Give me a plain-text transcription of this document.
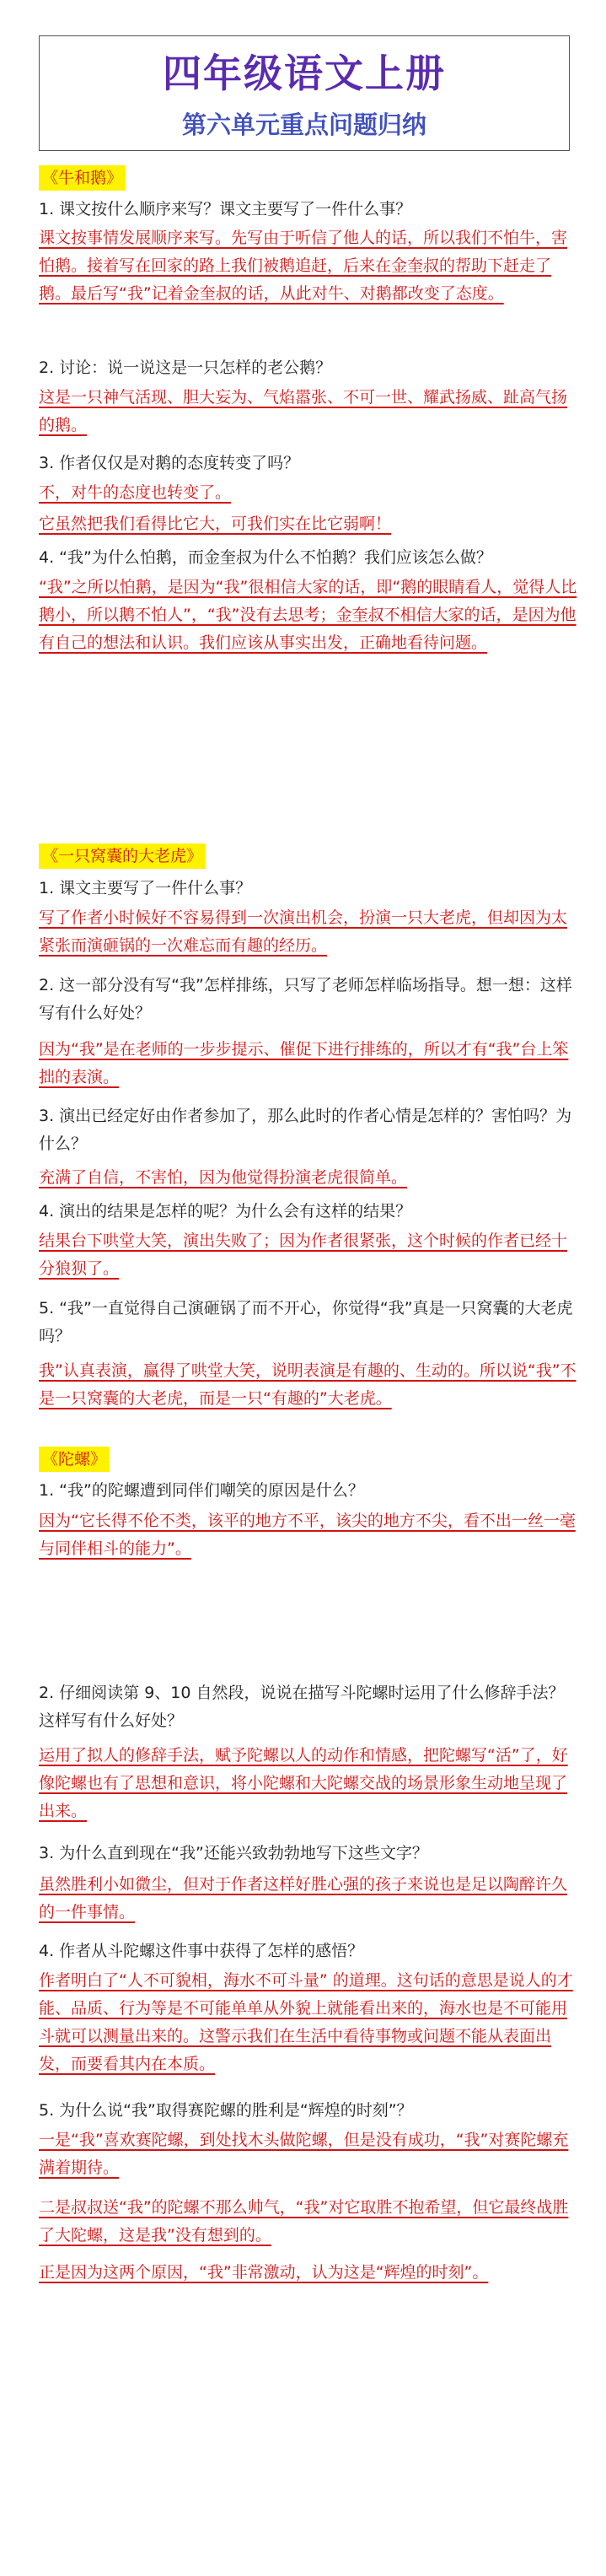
四年级语文上册
第六单元重点问题归纳
《牛和鹅》

1. 课文按什么顺序来写？课文主要写了一件什么事？

课文按事情发展顺序来写。先写由于听信了他人的话，所以我们不怕牛，害怕鹅。接着写在回家的路上我们被鹅追赶，后来在金奎叔的帮助下赶走了鹅。最后写“我”记着金奎叔的话，从此对牛、对鹅都改变了态度。

2. 讨论：说一说这是一只怎样的老公鹅？

这是一只神气活现、胆大妄为、气焰嚣张、不可一世、耀武扬威、趾高气扬的鹅。

3. 作者仅仅是对鹅的态度转变了吗？

不，对牛的态度也转变了。

它虽然把我们看得比它大，可我们实在比它弱啊！

4. “我”为什么怕鹅，而金奎叔为什么不怕鹅？我们应该怎么做？

“我”之所以怕鹅，是因为“我”很相信大家的话，即“鹅的眼睛看人，觉得人比鹅小，所以鹅不怕人”，“我”没有去思考；金奎叔不相信大家的话，是因为他有自己的想法和认识。我们应该从事实出发，正确地看待问题。

《一只窝囊的大老虎》

1. 课文主要写了一件什么事？

写了作者小时候好不容易得到一次演出机会，扮演一只大老虎，但却因为太紧张而演砸锅的一次难忘而有趣的经历。

2. 这一部分没有写“我”怎样排练，只写了老师怎样临场指导。想一想：这样写有什么好处？

因为“我”是在老师的一步步提示、催促下进行排练的，所以才有“我”台上笨拙的表演。

3. 演出已经定好由作者参加了，那么此时的作者心情是怎样的？害怕吗？为什么？

充满了自信，不害怕，因为他觉得扮演老虎很简单。

4. 演出的结果是怎样的呢？为什么会有这样的结果？

结果台下哄堂大笑，演出失败了；因为作者很紧张，这个时候的作者已经十分狼狈了。

5. “我”一直觉得自己演砸锅了而不开心，你觉得“我”真是一只窝囊的大老虎吗？

我”认真表演，赢得了哄堂大笑，说明表演是有趣的、生动的。所以说“我”不是一只窝囊的大老虎，而是一只“有趣的”大老虎。

《陀螺》

1. “我”的陀螺遭到同伴们嘲笑的原因是什么？

因为“它长得不伦不类，该平的地方不平，该尖的地方不尖，看不出一丝一毫与同伴相斗的能力”。

2. 仔细阅读第 9、10 自然段，说说在描写斗陀螺时运用了什么修辞手法？这样写有什么好处？

运用了拟人的修辞手法，赋予陀螺以人的动作和情感，把陀螺写“活”了，好像陀螺也有了思想和意识，将小陀螺和大陀螺交战的场景形象生动地呈现了出来。

3. 为什么直到现在“我”还能兴致勃勃地写下这些文字？

虽然胜利小如微尘，但对于作者这样好胜心强的孩子来说也是足以陶醉许久的一件事情。

4. 作者从斗陀螺这件事中获得了怎样的感悟？

作者明白了“人不可貌相，海水不可斗量” 的道理。这句话的意思是说人的才能、品质、行为等是不可能单单从外貌上就能看出来的，海水也是不可能用斗就可以测量出来的。这警示我们在生活中看待事物或问题不能从表面出发，而要看其内在本质。

5. 为什么说“我”取得赛陀螺的胜利是“辉煌的时刻”？

一是“我”喜欢赛陀螺，到处找木头做陀螺，但是没有成功，“我”对赛陀螺充满着期待。

二是叔叔送“我”的陀螺不那么帅气，“我”对它取胜不抱希望，但它最终战胜了大陀螺，这是我”没有想到的。

正是因为这两个原因，“我”非常激动，认为这是“辉煌的时刻”。
